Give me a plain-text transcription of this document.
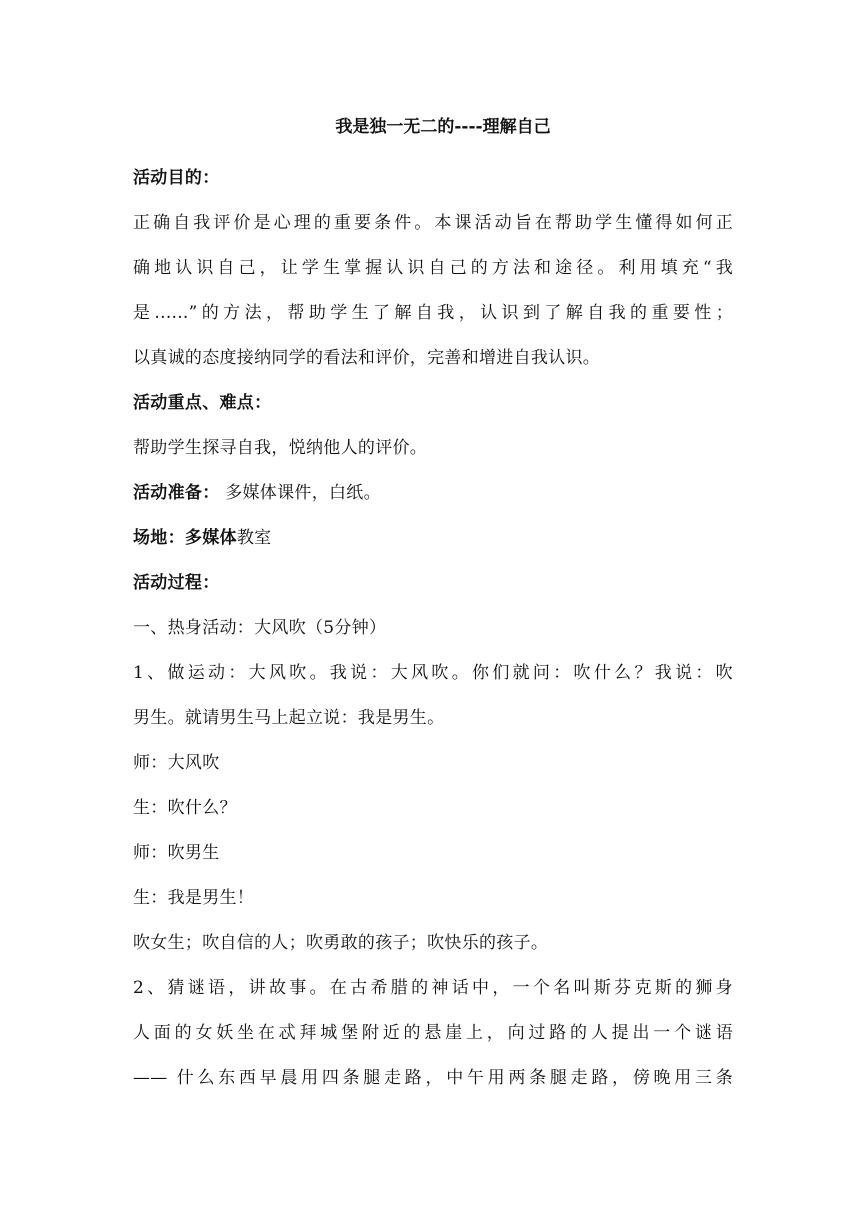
我是独一无二的----理解自己
活动目的：
正确自我评价是心理的重要条件。本课活动旨在帮助学生懂得如何正
确地认识自己，让学生掌握认识自己的方法和途径。利用填充“我
是......”的方法，帮助学生了解自我，认识到了解自我的重要性；
以真诚的态度接纳同学的看法和评价，完善和增进自我认识。
活动重点、难点：
帮助学生探寻自我，悦纳他人的评价。
活动准备： 多媒体课件，白纸。
场地：多媒体教室
活动过程：
一、热身活动：大风吹（5分钟）
1、做运动：大风吹。我说：大风吹。你们就问：吹什么？我说：吹
男生。就请男生马上起立说：我是男生。
师：大风吹
生：吹什么？
师：吹男生
生：我是男生！
吹女生；吹自信的人；吹勇敢的孩子；吹快乐的孩子。
2、猜谜语，讲故事。在古希腊的神话中，一个名叫斯芬克斯的狮身
人面的女妖坐在忒拜城堡附近的悬崖上，向过路的人提出一个谜语
—— 什么东西早晨用四条腿走路，中午用两条腿走路，傍晚用三条
